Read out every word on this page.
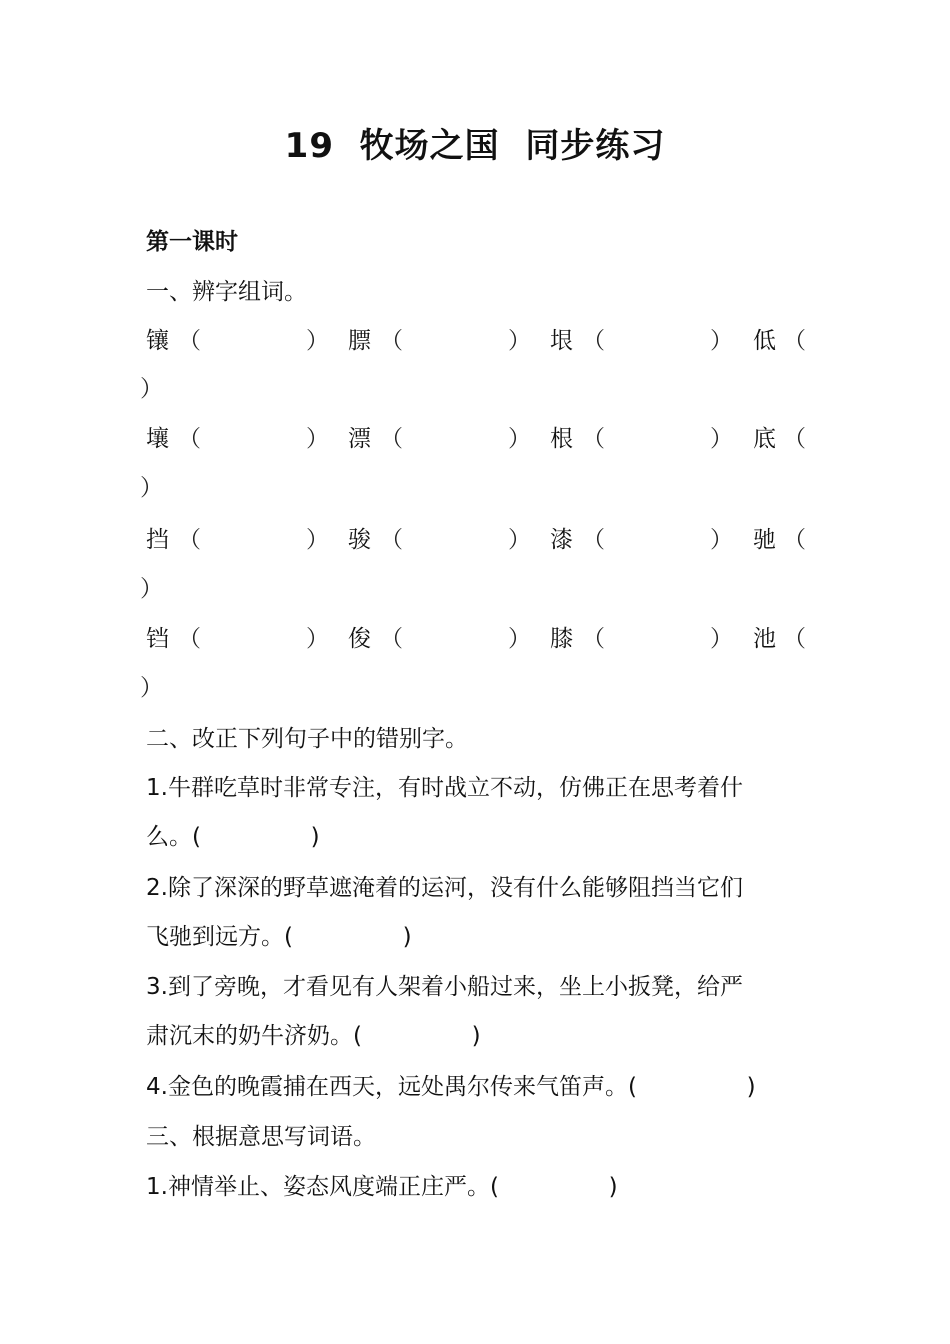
19  牧场之国  同步练习
第一课时
一、辨字组词。
镶 （	） 膘 （	） 垠 （	） 低 （
）
壤 （	） 漂 （	） 根 （	） 底 （
）
挡 （	） 骏 （	） 漆 （	） 驰 （
）
铛 （	） 俊 （	） 膝 （	） 池 （
）
二、改正下列句子中的错别字。
1.牛群吃草时非常专注，有时战立不动，仿佛正在思考着什
么。(               )
2.除了深深的野草遮淹着的运河，没有什么能够阻挡当它们
飞驰到远方。(               )
3.到了旁晚，才看见有人架着小船过来，坐上小扳凳，给严
肃沉末的奶牛济奶。(               )
4.金色的晚霞捕在西天，远处禺尔传来气笛声。(               )
三、根据意思写词语。
1.神情举止、姿态风度端正庄严。(               )
